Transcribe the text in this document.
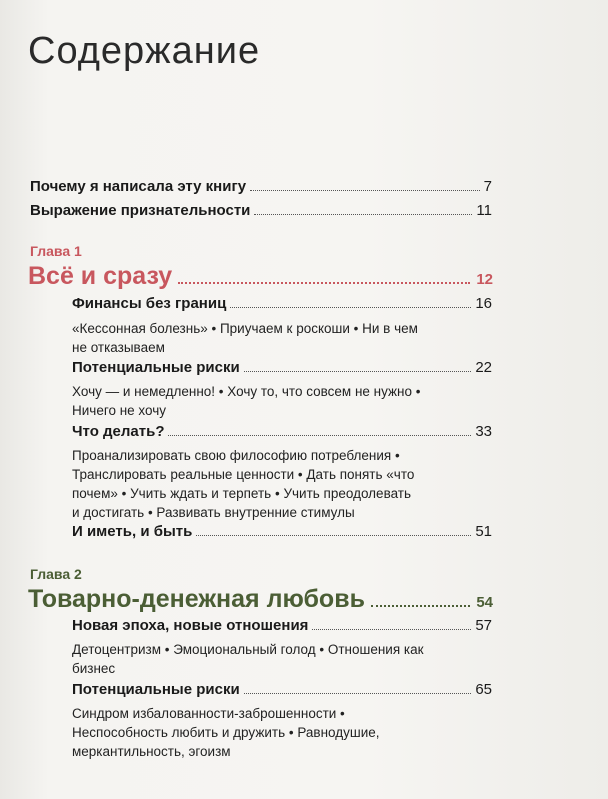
Содержание
Почему я написала эту книгу	7
Выражение признательности	11
Глава 1
Всё и сразу	12
Финансы без границ	16
«Кессонная болезнь» • Приучаем к роскоши • Ни в чем
не отказываем
Потенциальные риски	22
Хочу — и немедленно! • Хочу то, что совсем не нужно •
Ничего не хочу
Что делать?	33
Проанализировать свою философию потребления •
Транслировать реальные ценности • Дать понять «что
почем» • Учить ждать и терпеть • Учить преодолевать
и достигать • Развивать внутренние стимулы
И иметь, и быть	51
Глава 2
Товарно-денежная любовь	54
Новая эпоха, новые отношения	57
Детоцентризм • Эмоциональный голод • Отношения как
бизнес
Потенциальные риски	65
Синдром избалованности-заброшенности •
Неспособность любить и дружить • Равнодушие,
меркантильность, эгоизм
